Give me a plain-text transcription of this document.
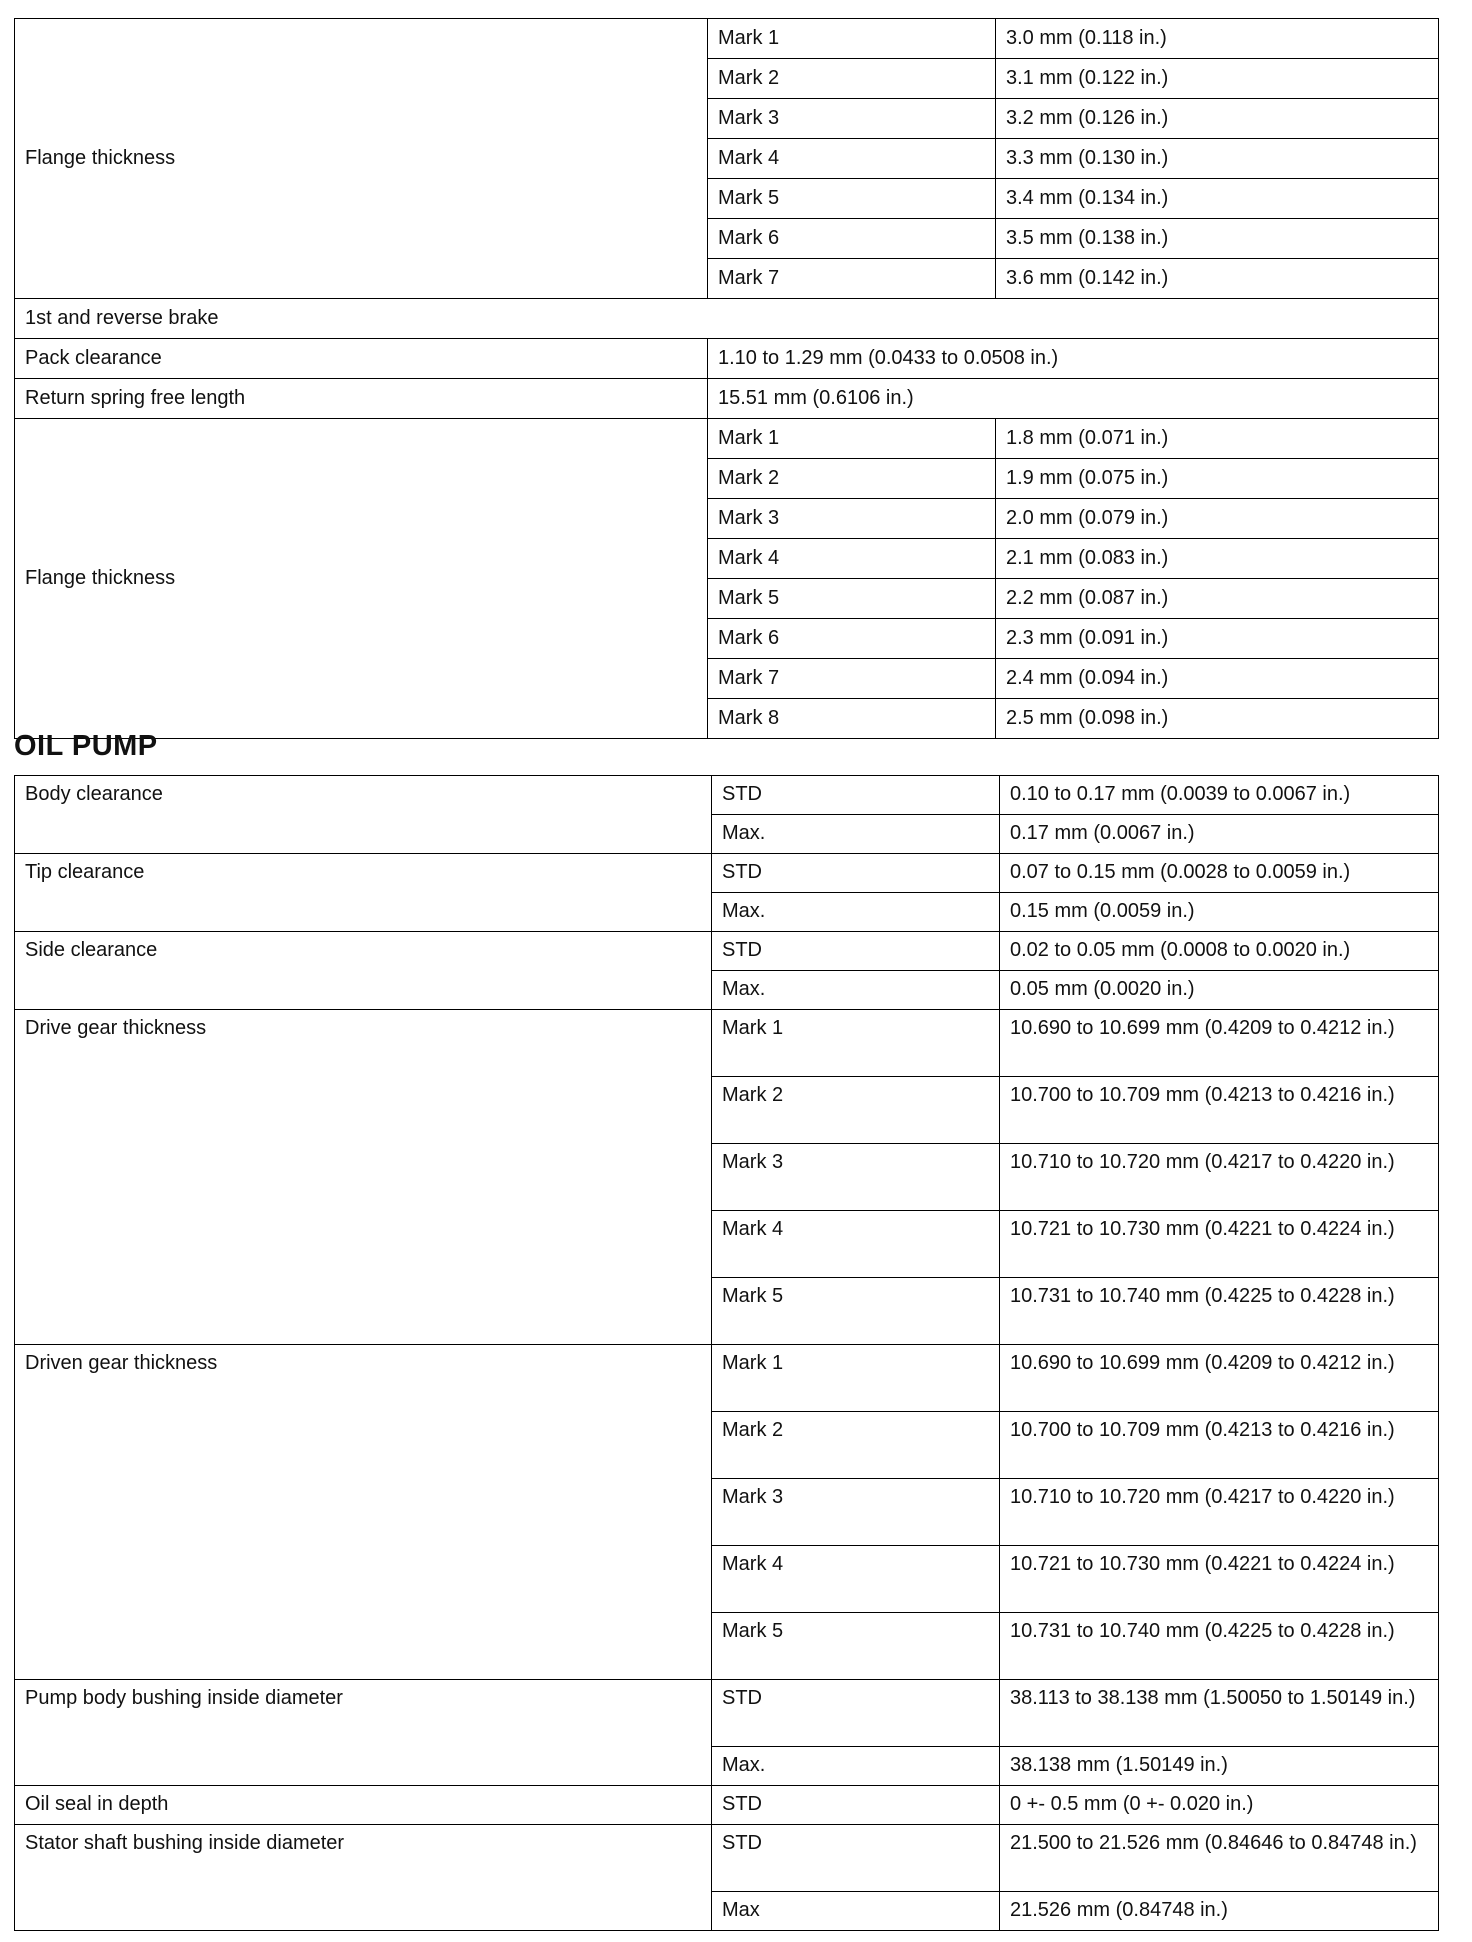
Flange thickness	Mark 1	3.0 mm (0.118 in.)
	Mark 2	3.1 mm (0.122 in.)
	Mark 3	3.2 mm (0.126 in.)
	Mark 4	3.3 mm (0.130 in.)
	Mark 5	3.4 mm (0.134 in.)
	Mark 6	3.5 mm (0.138 in.)
	Mark 7	3.6 mm (0.142 in.)
1st and reverse brake		
Pack clearance	1.10 to 1.29 mm (0.0433 to 0.0508 in.)	
Return spring free length	15.51 mm (0.6106 in.)	
Flange thickness	Mark 1	1.8 mm (0.071 in.)
	Mark 2	1.9 mm (0.075 in.)
	Mark 3	2.0 mm (0.079 in.)
	Mark 4	2.1 mm (0.083 in.)
	Mark 5	2.2 mm (0.087 in.)
	Mark 6	2.3 mm (0.091 in.)
	Mark 7	2.4 mm (0.094 in.)
	Mark 8	2.5 mm (0.098 in.)
OIL PUMP
Body clearance	STD	0.10 to 0.17 mm (0.0039 to 0.0067 in.)
	Max.	0.17 mm (0.0067 in.)
Tip clearance	STD	0.07 to 0.15 mm (0.0028 to 0.0059 in.)
	Max.	0.15 mm (0.0059 in.)
Side clearance	STD	0.02 to 0.05 mm (0.0008 to 0.0020 in.)
	Max.	0.05 mm (0.0020 in.)
Drive gear thickness	Mark 1	10.690 to 10.699 mm (0.4209 to 0.4212 in.)
	Mark 2	10.700 to 10.709 mm (0.4213 to 0.4216 in.)
	Mark 3	10.710 to 10.720 mm (0.4217 to 0.4220 in.)
	Mark 4	10.721 to 10.730 mm (0.4221 to 0.4224 in.)
	Mark 5	10.731 to 10.740 mm (0.4225 to 0.4228 in.)
Driven gear thickness	Mark 1	10.690 to 10.699 mm (0.4209 to 0.4212 in.)
	Mark 2	10.700 to 10.709 mm (0.4213 to 0.4216 in.)
	Mark 3	10.710 to 10.720 mm (0.4217 to 0.4220 in.)
	Mark 4	10.721 to 10.730 mm (0.4221 to 0.4224 in.)
	Mark 5	10.731 to 10.740 mm (0.4225 to 0.4228 in.)
Pump body bushing inside diameter	STD	38.113 to 38.138 mm (1.50050 to 1.50149 in.)
	Max.	38.138 mm (1.50149 in.)
Oil seal in depth	STD	0 +- 0.5 mm (0 +- 0.020 in.)
Stator shaft bushing inside diameter	STD	21.500 to 21.526 mm (0.84646 to 0.84748 in.)
	Max	21.526 mm (0.84748 in.)
